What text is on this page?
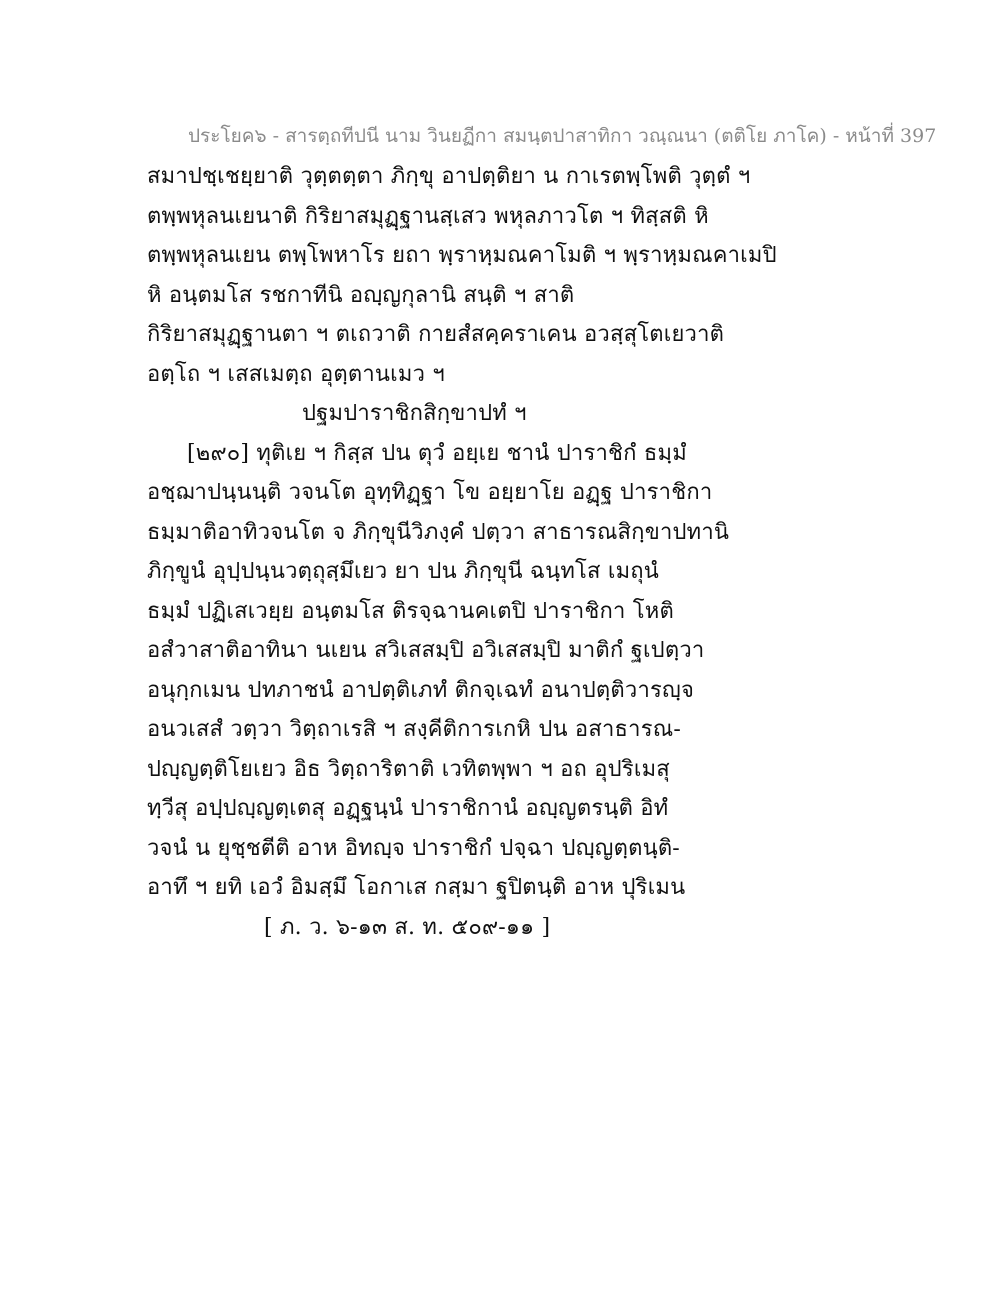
ประโยค๖ - สารตฺถทีปนี นาม วินยฏีกา สมนฺตปาสาทิกา วณฺณนา (ตติโย ภาโค) - หน้าที่ 397
สมาปชฺเชยฺยาติ วุตฺตตฺตา ภิกฺขุ อาปตฺติยา น กาเรตพฺโพติ วุตฺตํ ฯ
ตพฺพหุลนเยนาติ กิริยาสมุฏฺฐานสฺเสว พหุลภาวโต ฯ ทิสฺสติ หิ
ตพฺพหุลนเยน ตพฺโพหาโร ยถา พฺราหฺมณคาโมติ ฯ พฺราหฺมณคาเมปิ
หิ อนฺตมโส รชกาทีนิ อญฺญกุลานิ สนฺติ ฯ สาติ
กิริยาสมุฏฺฐานตา ฯ ตเถวาติ กายสํสคฺคราเคน อวสฺสุโตเยวาติ
อตฺโถ ฯ เสสเมตฺถ อุตฺตานเมว ฯ
ปฐมปาราชิกสิกฺขาปทํ ฯ
[๒๙๐] ทุติเย ฯ กิสฺส ปน ตุวํ อยฺเย ชานํ ปาราชิกํ ธมฺมํ
อชฺฌาปนฺนนฺติ วจนโต อุทฺทิฏฺฐา โข อยฺยาโย อฏฺฐ ปาราชิกา
ธมฺมาติอาทิวจนโต จ ภิกฺขุนีวิภงฺคํ ปตฺวา สาธารณสิกฺขาปทานิ
ภิกฺขูนํ อุปฺปนฺนวตฺถุสฺมึเยว ยา ปน ภิกฺขุนี ฉนฺทโส เมถุนํ
ธมฺมํ ปฏิเสเวยฺย อนฺตมโส ติรจฺฉานคเตปิ ปาราชิกา โหติ
อสํวาสาติอาทินา นเยน สวิเสสมฺปิ อวิเสสมฺปิ มาติกํ ฐเปตฺวา
อนุกฺกเมน ปทภาชนํ อาปตฺติเภทํ ติกจฺเฉทํ อนาปตฺติวารญฺจ
อนวเสสํ วตฺวา วิตฺถาเรสิ ฯ สงฺคีติการเกหิ ปน อสาธารณ-
ปญฺญตฺติโยเยว อิธ วิตฺถาริตาติ เวทิตพฺพา ฯ อถ อุปริเมสุ
ทฺวีสุ อปฺปญฺญตฺเตสุ อฏฺฐนฺนํ ปาราชิกานํ อญฺญตรนฺติ อิทํ
วจนํ น ยุชฺชตีติ อาห อิทญฺจ ปาราชิกํ ปจฺฉา ปญฺญตฺตนฺติ-
อาทึ ฯ ยทิ เอวํ อิมสฺมึ โอกาเส กสฺมา ฐปิตนฺติ อาห ปุริเมน
[ ภ. ว. ๖-๑๓ ส. ท. ๕๐๙-๑๑ ]
